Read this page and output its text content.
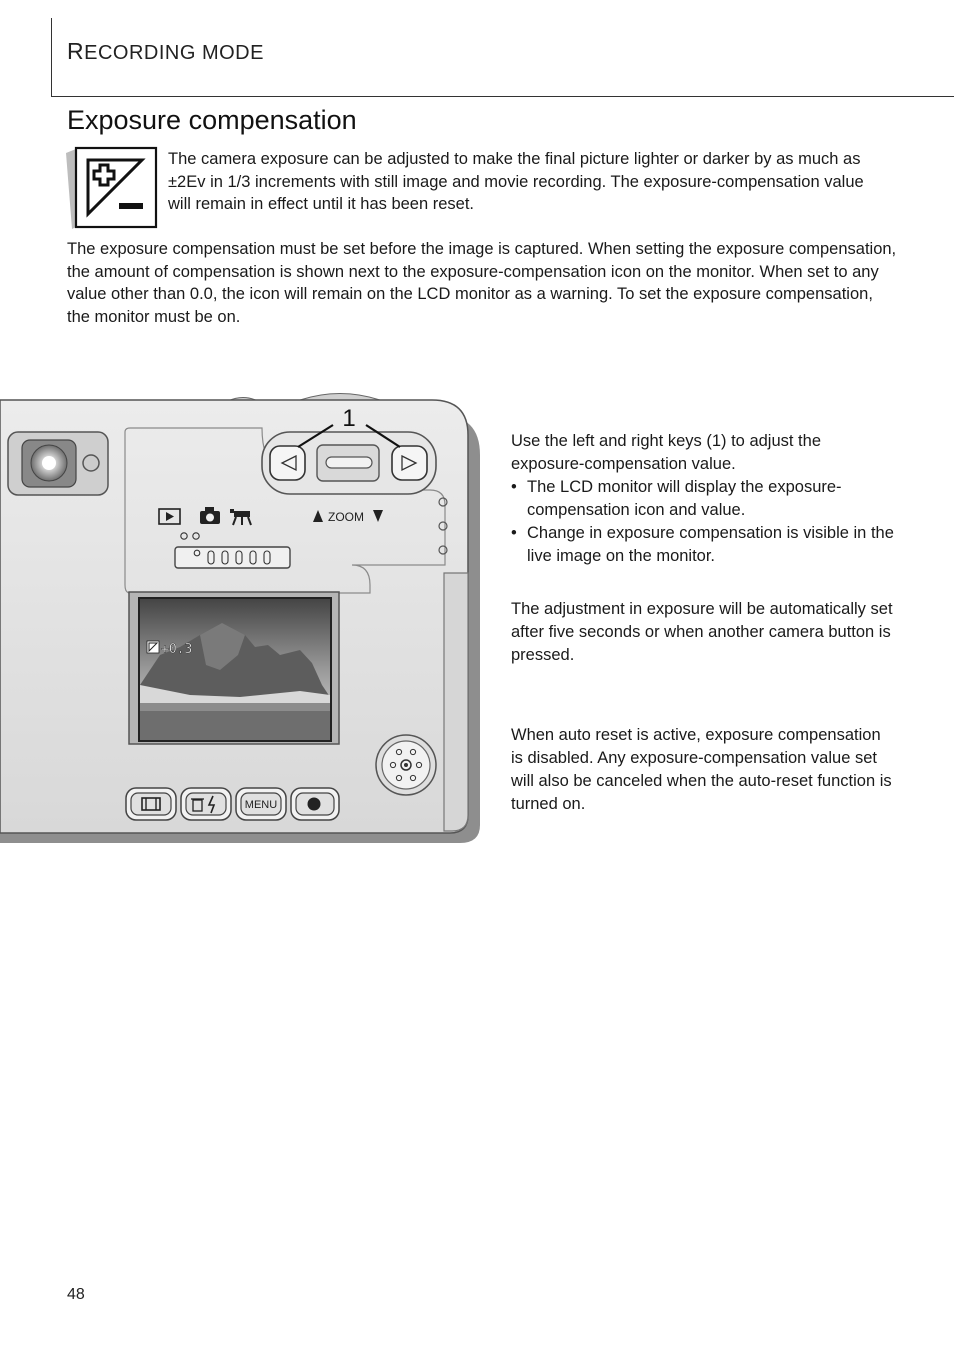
RECORDING MODE
Exposure compensation

The camera exposure can be adjusted to make the final picture lighter or darker by as much as ±2Ev in 1/3 increments with still image and movie recording. The exposure-compensation value will remain in effect until it has been reset.

The exposure compensation must be set before the image is captured. When setting the exposure compensation, the amount of compensation is shown next to the exposure-compensation icon on the monitor. When set to any value other than 0.0, the icon will remain on the LCD monitor as a warning. To set the exposure compensation, the monitor must be on.

1
ZOOM
+0.3
MENU
Use the left and right keys (1) to adjust the exposure-compensation value.
• The LCD monitor will display the exposure-compensation icon and value.
• Change in exposure compensation is visible in the live image on the monitor.

The adjustment in exposure will be automatically set after five seconds or when another camera button is pressed.

When auto reset is active, exposure compensation is disabled. Any exposure-compensation value set will also be canceled when the auto-reset function is turned on.

48
